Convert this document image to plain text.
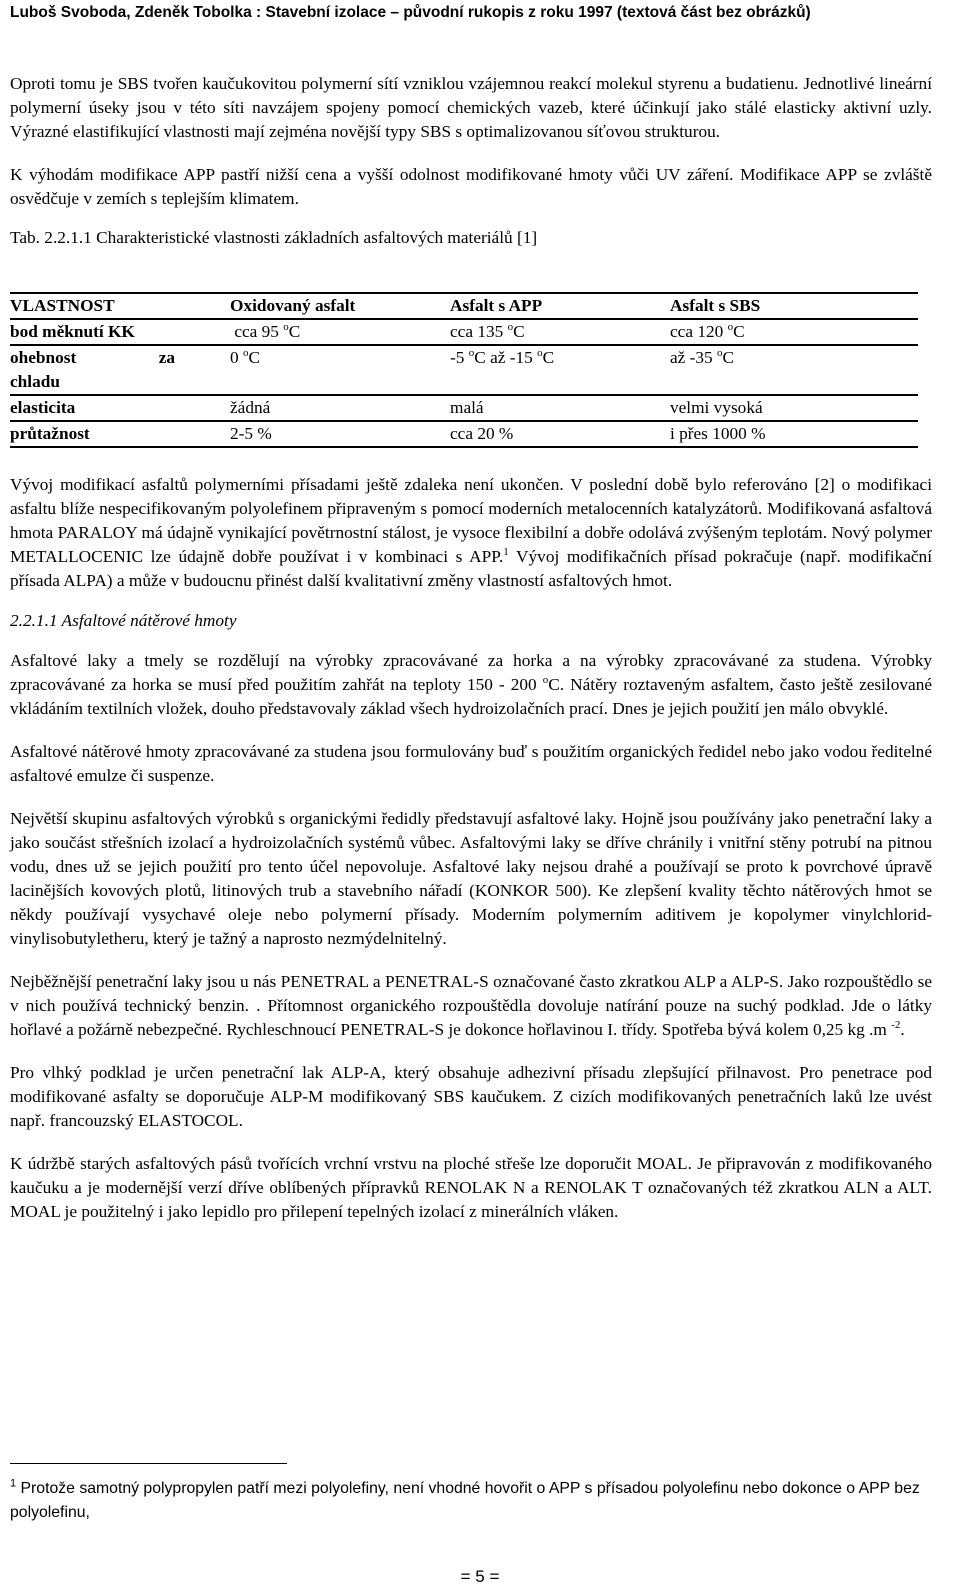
Luboš Svoboda, Zdeněk Tobolka : Stavební izolace – původní rukopis z roku 1997 (textová část bez obrázků)

Oproti tomu je SBS tvořen kaučukovitou polymerní sítí vzniklou vzájemnou reakcí molekul styrenu a budatienu. Jednotlivé lineární polymerní úseky jsou v této síti navzájem spojeny pomocí chemických vazeb, které účinkují jako stálé elasticky aktivní uzly. Výrazné elastifikující vlastnosti mají zejména novější typy SBS s optimalizovanou síťovou strukturou.

K výhodám modifikace APP pastří nižší cena a vyšší odolnost modifikované hmoty vůči UV záření. Modifikace APP se zvláště osvědčuje v zemích s teplejším klimatem.

Tab. 2.2.1.1 Charakteristické vlastnosti základních asfaltových materiálů [1]

VLASTNOST	Oxidovaný asfalt	Asfalt s APP	Asfalt s SBS
bod měknutí KK	cca 95 $^o$C	cca 135 $^o$C	cca 120 $^o$C

ohebnost za
chladu	0 $^o$C	-5 $^o$C až -15 $^o$C	až -35 $^o$C
elasticita	žádná	malá	velmi vysoká
průtažnost	2-5 %	cca 20 %	i přes 1000 %

Vývoj modifikací asfaltů polymerními přísadami ještě zdaleka není ukončen. V poslední době bylo referováno [2] o modifikaci asfaltu blíže nespecifikovaným polyolefinem připraveným s pomocí moderních metalocenních katalyzátorů. Modifikovaná asfaltová hmota PARALOY má údajně vynikající povětrnostní stálost, je vysoce flexibilní a dobře odolává zvýšeným teplotám. Nový polymer METALLOCENIC lze údajně dobře používat i v kombinaci s APP.$^1$ Vývoj modifikačních přísad pokračuje (např. modifikační přísada ALPA) a může v budoucnu přinést další kvalitativní změny vlastností asfaltových hmot.

2.2.1.1 Asfaltové nátěrové hmoty

Asfaltové laky a tmely se rozdělují na výrobky zpracovávané za horka a na výrobky zpracovávané za studena. Výrobky zpracovávané za horka se musí před použitím zahřát na teploty 150 - 200 $^o$C. Nátěry roztaveným asfaltem, často ještě zesilované vkládáním textilních vložek, douho představovaly základ všech hydroizolačních prací. Dnes je jejich použití jen málo obvyklé.

Asfaltové nátěrové hmoty zpracovávané za studena jsou formulovány buď s použitím organických ředidel nebo jako vodou ředitelné asfaltové emulze či suspenze.

Největší skupinu asfaltových výrobků s organickými ředidly představují asfaltové laky. Hojně jsou používány jako penetrační laky a jako součást střešních izolací a hydroizolačních systémů vůbec. Asfaltovými laky se dříve chránily i vnitřní stěny potrubí na pitnou vodu, dnes už se jejich použití pro tento účel nepovoluje. Asfaltové laky nejsou drahé a používají se proto k povrchové úpravě lacinějších kovových plotů, litinových trub a stavebního nářadí (KONKOR 500). Ke zlepšení kvality těchto nátěrových hmot se někdy používají vysychavé oleje nebo polymerní přísady. Moderním polymerním aditivem je kopolymer vinylchlorid-vinylisobutyletheru, který je tažný a naprosto nezmýdelnitelný.

Nejběžnější penetrační laky jsou u nás PENETRAL a PENETRAL-S označované často zkratkou ALP a ALP-S. Jako rozpouštědlo se v nich používá technický benzin. . Přítomnost organického rozpouštědla dovoluje natírání pouze na suchý podklad. Jde o látky hořlavé a požárně nebezpečné. Rychleschnoucí PENETRAL-S je dokonce hořlavinou I. třídy. Spotřeba bývá kolem 0,25 kg .m $^{-2}$.

Pro vlhký podklad je určen penetrační lak ALP-A, který obsahuje adhezivní přísadu zlepšující přilnavost. Pro penetrace pod modifikované asfalty se doporučuje ALP-M modifikovaný SBS kaučukem. Z cizích modifikovaných penetračních laků lze uvést např. francouzský ELASTOCOL.

K údržbě starých asfaltových pásů tvořících vrchní vrstvu na ploché střeše lze doporučit MOAL. Je připravován z modifikovaného kaučuku a je modernější verzí dříve oblíbených přípravků RENOLAK N a RENOLAK T označovaných též zkratkou ALN a ALT. MOAL je použitelný i jako lepidlo pro přilepení tepelných izolací z minerálních vláken.

$^1$ Protože samotný polypropylen patří mezi polyolefiny, není vhodné hovořit o APP s přísadou polyolefinu nebo dokonce o APP bez polyolefinu,
= 5 =
